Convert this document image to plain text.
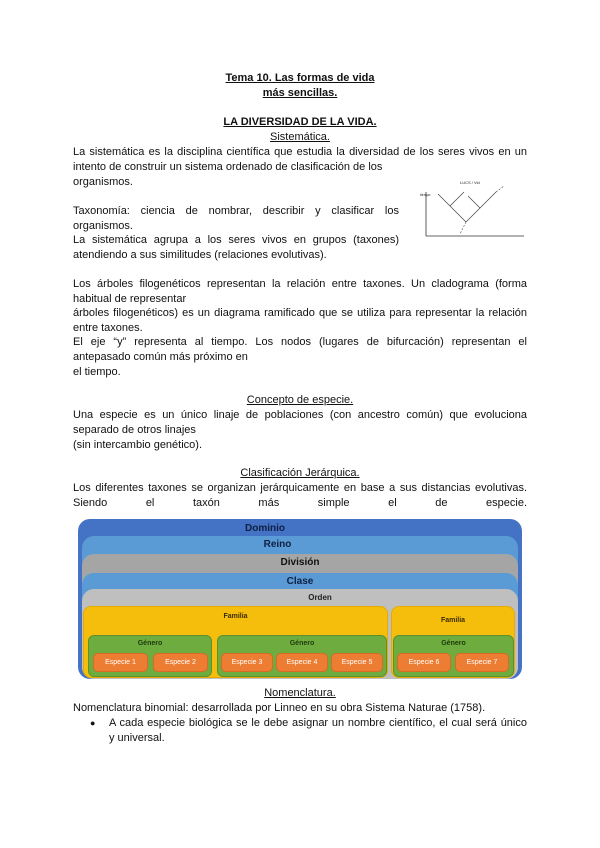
Tema 10. Las formas de vida
más sencillas.
LA DIVERSIDAD DE LA VIDA.
Sistemática.
La sistemática es la disciplina científica que estudia la diversidad de los seres vivos en un
intento de construir un sistema ordenado de clasificación de los
organismos.
Taxonomía: ciencia de nombrar, describir y clasificar los
organismos.
La sistemática agrupa a los seres vivos en grupos (taxones)
atendiendo a sus similitudes (relaciones evolutivas).
LUCS / Vid
tiempo
Los árboles filogenéticos representan la relación entre taxones. Un cladograma (forma
habitual de representar
árboles filogenéticos) es un diagrama ramificado que se utiliza para representar la relación
entre taxones.
El eje “y” representa al tiempo. Los nodos (lugares de bifurcación) representan el
antepasado común más próximo en
el tiempo.
Concepto de especie.
Una especie es un único linaje de poblaciones (con ancestro común) que evoluciona
separado de otros linajes
(sin intercambio genético).
Clasificación Jerárquica.
Los diferentes taxones se organizan jerárquicamente en base a sus distancias evolutivas.
Siendo el taxón más simple el de especie.
Dominio
Reino
División
Clase
Orden
Familia
Familia
Género	Género	Género
Especie 1	Especie 2	Especie 3	Especie 4	Especie 5	Especie 6	Especie 7
Nomenclatura.
Nomenclatura binomial: desarrollada por Linneo en su obra Sistema Naturae (1758).
● A cada especie biológica se le debe asignar un nombre científico, el cual será único
y universal.
